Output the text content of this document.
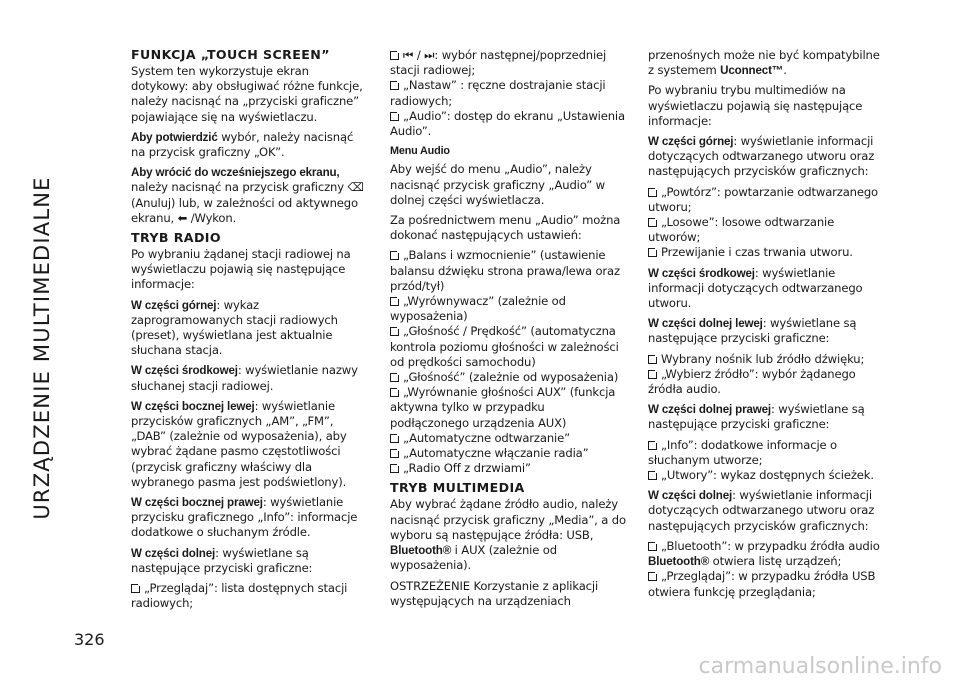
URZĄDZENIE MULTIMEDIALNE
326
FUNKCJA „TOUCH SCREEN”

System ten wykorzystuje ekran dotykowy: aby obsługiwać różne funkcje, należy nacisnąć na „przyciski graficzne” pojawiające się na wyświetlaczu.

Aby potwierdzić wybór, należy nacisnąć na przycisk graficzny „OK”.

Aby wrócić do wcześniejszego ekranu, należy nacisnąć na przycisk graficzny ⌫ (Anuluj) lub, w zależności od aktywnego ekranu, ⬅ /Wykon.

TRYB RADIO

Po wybraniu żądanej stacji radiowej na wyświetlaczu pojawią się następujące informacje:

W części górnej: wykaz zaprogramowanych stacji radiowych (preset), wyświetlana jest aktualnie słuchana stacja.

W części środkowej: wyświetlanie nazwy słuchanej stacji radiowej.

W części bocznej lewej: wyświetlanie przycisków graficznych „AM”, „FM”, „DAB” (zależnie od wyposażenia), aby wybrać żądane pasmo częstotliwości (przycisk graficzny właściwy dla wybranego pasma jest podświetlony).

W części bocznej prawej: wyświetlanie przycisku graficznego „Info”: informacje dodatkowe o słuchanym źródle.

W części dolnej: wyświetlane są następujące przyciski graficzne:

„Przeglądaj”: lista dostępnych stacji radiowych;

⏮ / ⏭: wybór następnej/poprzedniej stacji radiowej;

„Nastaw” : ręczne dostrajanie stacji radiowych;

„Audio”: dostęp do ekranu „Ustawienia Audio”.

Menu Audio

Aby wejść do menu „Audio”, należy nacisnąć przycisk graficzny „Audio” w dolnej części wyświetlacza.

Za pośrednictwem menu „Audio” można dokonać następujących ustawień:

„Balans i wzmocnienie” (ustawienie balansu dźwięku strona prawa/lewa oraz przód/tył)

„Wyrównywacz” (zależnie od wyposażenia)

„Głośność / Prędkość” (automatyczna kontrola poziomu głośności w zależności od prędkości samochodu)

„Głośność” (zależnie od wyposażenia)

„Wyrównanie głośności AUX” (funkcja aktywna tylko w przypadku podłączonego urządzenia AUX)

„Automatyczne odtwarzanie”

„Automatyczne włączanie radia”

„Radio Off z drzwiami”

TRYB MULTIMEDIA

Aby wybrać żądane źródło audio, należy nacisnąć przycisk graficzny „Media”, a do wyboru są następujące źródła: USB, Bluetooth® i AUX (zależnie od wyposażenia).

OSTRZEŻENIE Korzystanie z aplikacji występujących na urządzeniach

przenośnych może nie być kompatybilne z systemem Uconnect™.

Po wybraniu trybu multimediów na wyświetlaczu pojawią się następujące informacje:

W części górnej: wyświetlanie informacji dotyczących odtwarzanego utworu oraz następujących przycisków graficznych:

„Powtórz”: powtarzanie odtwarzanego utworu;

„Losowe”: losowe odtwarzanie utworów;

Przewijanie i czas trwania utworu.

W części środkowej: wyświetlanie informacji dotyczących odtwarzanego utworu.

W części dolnej lewej: wyświetlane są następujące przyciski graficzne:

Wybrany nośnik lub źródło dźwięku;

„Wybierz źródło”: wybór żądanego źródła audio.

W części dolnej prawej: wyświetlane są następujące przyciski graficzne:

„Info”: dodatkowe informacje o słuchanym utworze;

„Utwory”: wykaz dostępnych ścieżek.

W części dolnej: wyświetlanie informacji dotyczących odtwarzanego utworu oraz następujących przycisków graficznych:

„Bluetooth”: w przypadku źródła audio Bluetooth® otwiera listę urządzeń;

„Przeglądaj”: w przypadku źródła USB otwiera funkcję przeglądania;

carmanualsonline.info
